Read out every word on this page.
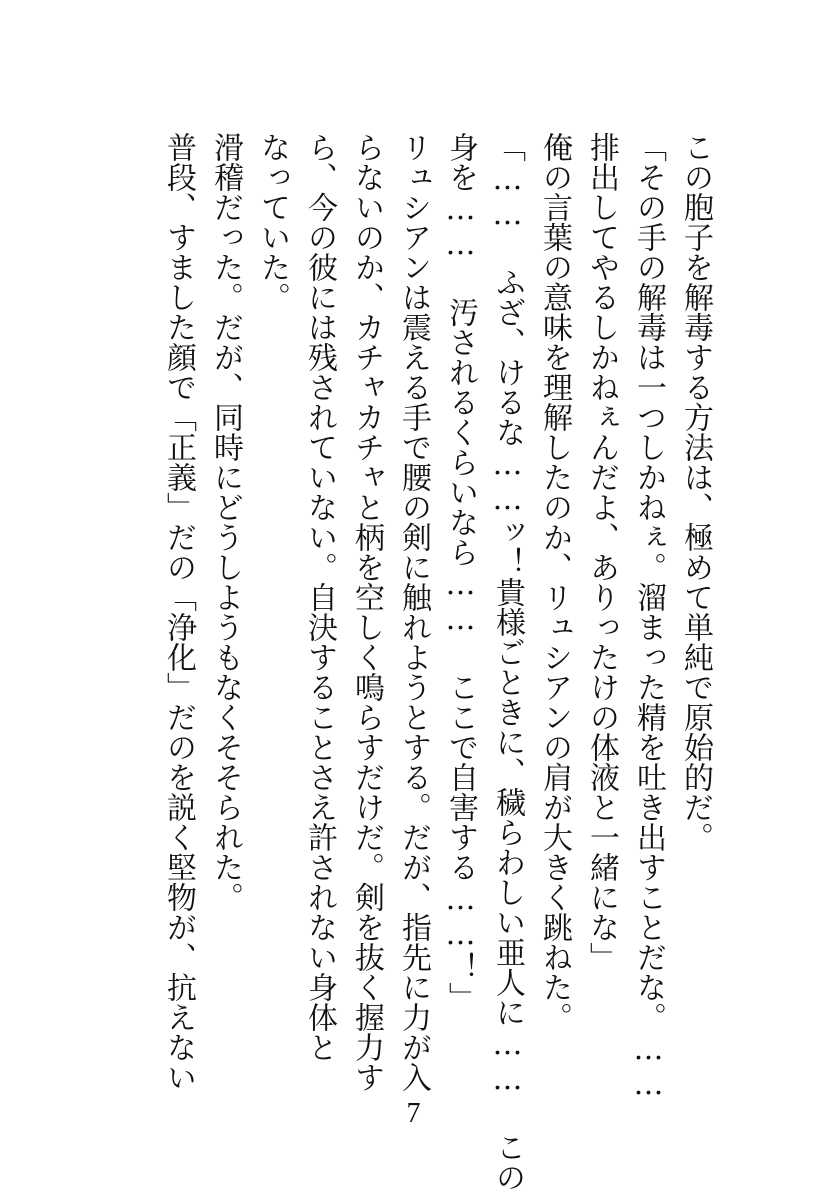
この胞子を解毒する方法は、極めて単純で原始的だ。
「その手の解毒は一つしかねぇ。溜まった精を吐き出すことだな。……
排出してやるしかねぇんだよ、ありったけの体液と一緒にな」
俺の言葉の意味を理解したのか、リュシアンの肩が大きく跳ねた。
「…… ふざ、けるな……ッ！貴様ごときに、穢らわしい亜人に…… この
身を…… 汚されるくらいなら…… ここで自害する……！」
リュシアンは震える手で腰の剣に触れようとする。だが、指先に力が入
らないのか、カチャカチャと柄を空しく鳴らすだけだ。剣を抜く握力す
ら、今の彼には残されていない。自決することさえ許されない身体と
なっていた。
滑稽だった。だが、同時にどうしようもなくそそられた。
普段、すました顔で「正義」だの「浄化」だのを説く堅物が、抗えない
7
